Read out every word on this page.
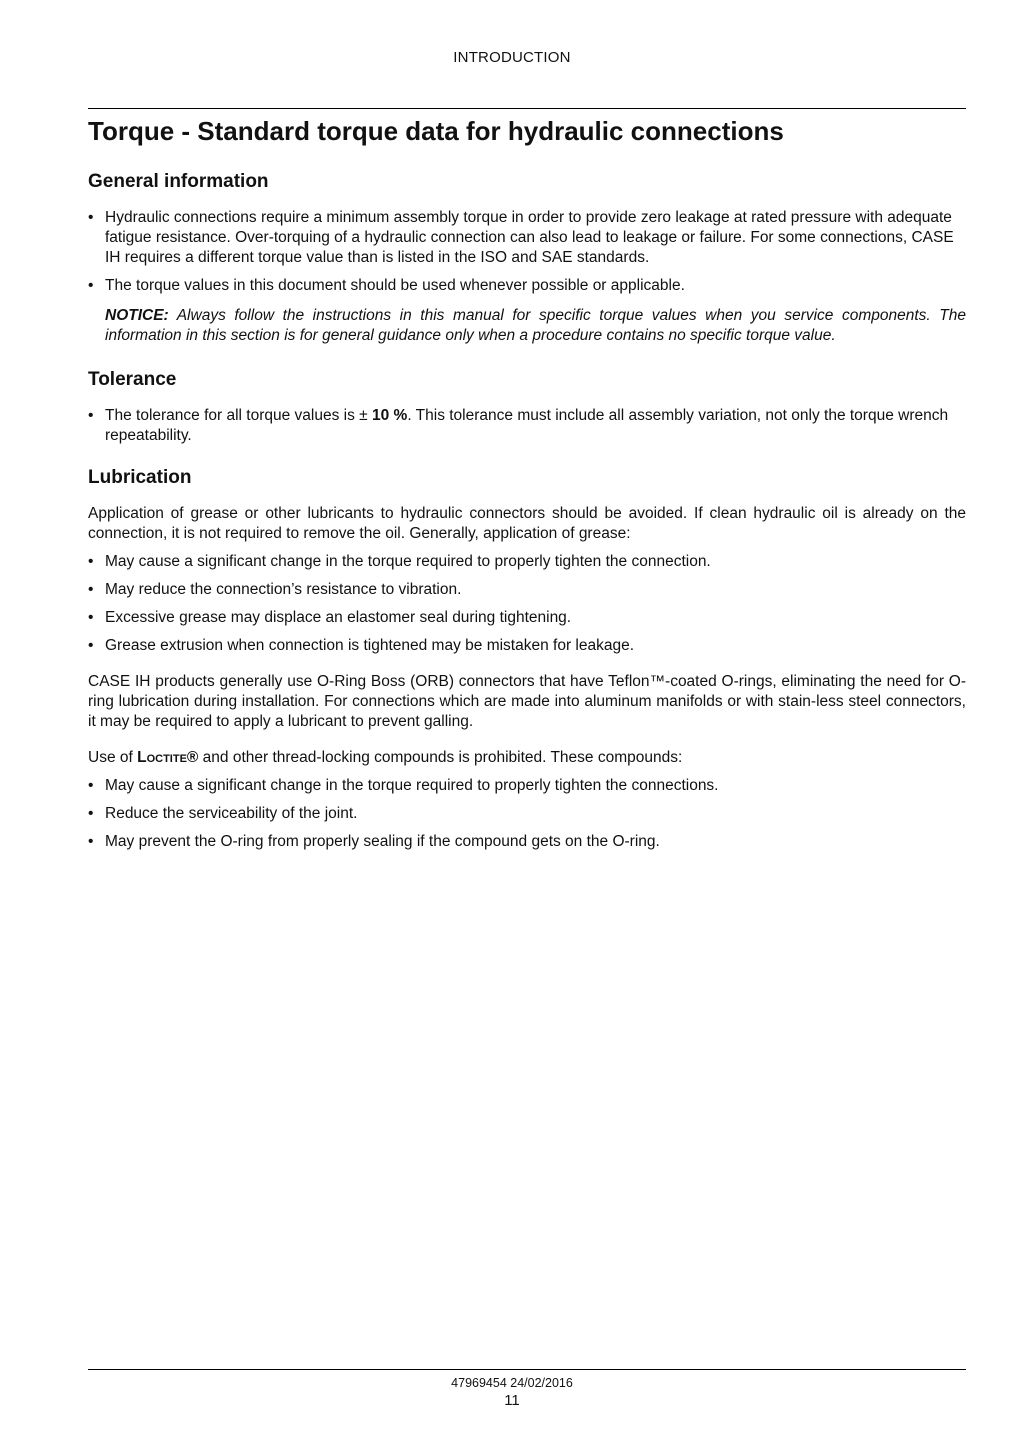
INTRODUCTION
Torque - Standard torque data for hydraulic connections
General information
• Hydraulic connections require a minimum assembly torque in order to provide zero leakage at rated pressure with adequate fatigue resistance. Over-torquing of a hydraulic connection can also lead to leakage or failure. For some connections, CASE IH requires a different torque value than is listed in the ISO and SAE standards.
• The torque values in this document should be used whenever possible or applicable.

NOTICE: Always follow the instructions in this manual for specific torque values when you service components. The information in this section is for general guidance only when a procedure contains no specific torque value.

Tolerance
• The tolerance for all torque values is ± 10 %. This tolerance must include all assembly variation, not only the torque wrench repeatability.
Lubrication

Application of grease or other lubricants to hydraulic connectors should be avoided. If clean hydraulic oil is already on the connection, it is not required to remove the oil. Generally, application of grease:

• May cause a significant change in the torque required to properly tighten the connection.
• May reduce the connection’s resistance to vibration.
• Excessive grease may displace an elastomer seal during tightening.
• Grease extrusion when connection is tightened may be mistaken for leakage.

CASE IH products generally use O-Ring Boss (ORB) connectors that have Teflon™-coated O-rings, eliminating the need for O-ring lubrication during installation. For connections which are made into aluminum manifolds or with stain-less steel connectors, it may be required to apply a lubricant to prevent galling.

Use of Loctite® and other thread-locking compounds is prohibited. These compounds:

• May cause a significant change in the torque required to properly tighten the connections.
• Reduce the serviceability of the joint.
• May prevent the O-ring from properly sealing if the compound gets on the O-ring.
47969454 24/02/2016
11
